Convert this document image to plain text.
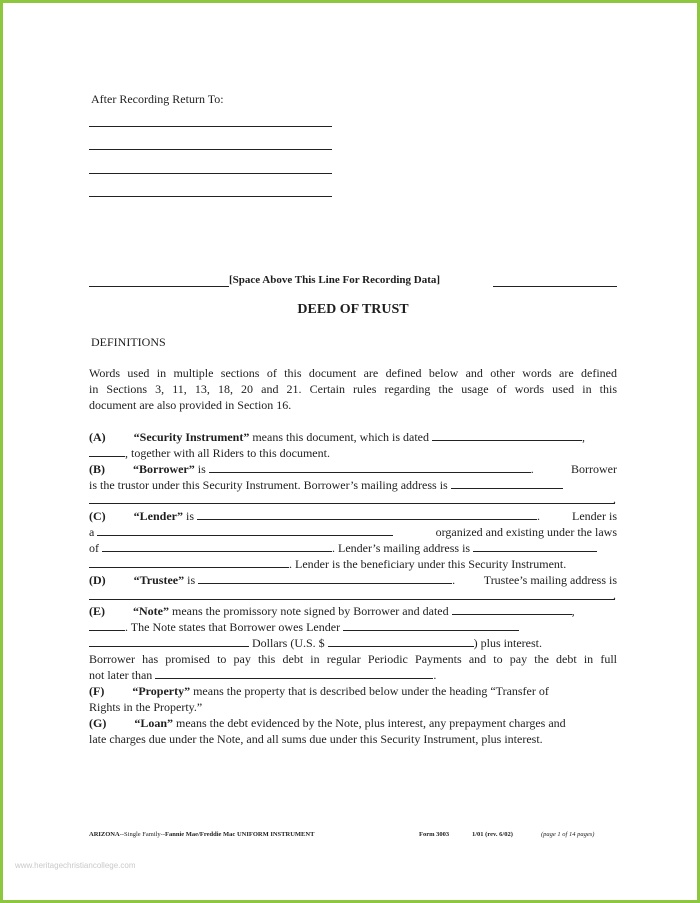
After Recording Return To:
[Space Above This Line For Recording Data]
DEED OF TRUST
DEFINITIONS
Words used in multiple sections of this document are defined below and other words are defined
in Sections 3, 11, 13, 18, 20 and 21. Certain rules regarding the usage of words used in this
document are also provided in Section 16.
(A) “Security Instrument” means this document, which is dated	,
, together with all Riders to this document.
(B) “Borrower” is	.	Borrower
is the trustor under this Security Instrument. Borrower’s mailing address is
.
(C) “Lender” is	.	Lender is
a	organized and existing under the laws
of	. Lender’s mailing address is
. Lender is the beneficiary under this Security Instrument.
(D) “Trustee” is	. Trustee’s mailing address is
.
(E) “Note” means the promissory note signed by Borrower and dated	,
. The Note states that Borrower owes Lender
Dollars (U.S. $	) plus interest.
Borrower has promised to pay this debt in regular Periodic Payments and to pay the debt in full
not later than	.
(F) “Property” means the property that is described below under the heading “Transfer of
Rights in the Property.”
(G) “Loan” means the debt evidenced by the Note, plus interest, any prepayment charges and
late charges due under the Note, and all sums due under this Security Instrument, plus interest.
ARIZONA--Single Family--Fannie Mae/Freddie Mac UNIFORM INSTRUMENT	Form 3003	1/01 (rev. 6/02)	(page 1 of 14 pages)
www.heritagechristiancollege.com
